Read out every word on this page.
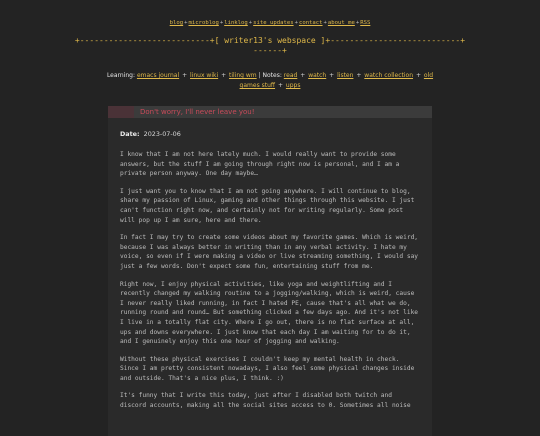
blog+microblog+linklog+site updates+contact+about me+RSS
+---------------------------+[ writer13's webspace ]+---------------------------+
------+
Learning: emacs journal + linux wiki + tiling wm | Notes: read + watch + listen + watch collection + old games stuff + upps
Don't worry, I'll never leave you!
Date: 2023-07-06

I know that I am not here lately much. I would really want to provide some answers, but the stuff I am going through right now is personal, and I am a private person anyway. One day maybe…

I just want you to know that I am not going anywhere. I will continue to blog, share my passion of Linux, gaming and other things through this website. I just can't function right now, and certainly not for writing regularly. Some post will pop up I am sure, here and there.

In fact I may try to create some videos about my favorite games. Which is weird, because I was always better in writing than in any verbal activity. I hate my voice, so even if I were making a video or live streaming something, I would say just a few words. Don't expect some fun, entertaining stuff from me.

Right now, I enjoy physical activities, like yoga and weightlifting and I recently changed my walking routine to a jogging/walking, which is weird, cause I never really liked running, in fact I hated PE, cause that's all what we do, running round and round… But something clicked a few days ago. And it's not like I live in a totally flat city. Where I go out, there is no flat surface at all, ups and downs everywhere. I just know that each day I am waiting for to do it, and I genuinely enjoy this one hour of jogging and walking.

Without these physical exercises I couldn't keep my mental health in check. Since I am pretty consistent nowadays, I also feel some physical changes inside and outside. That's a nice plus, I think. :)

It's funny that I write this today, just after I disabled both twitch and discord accounts, making all the social sites access to 0. Sometimes all noise
